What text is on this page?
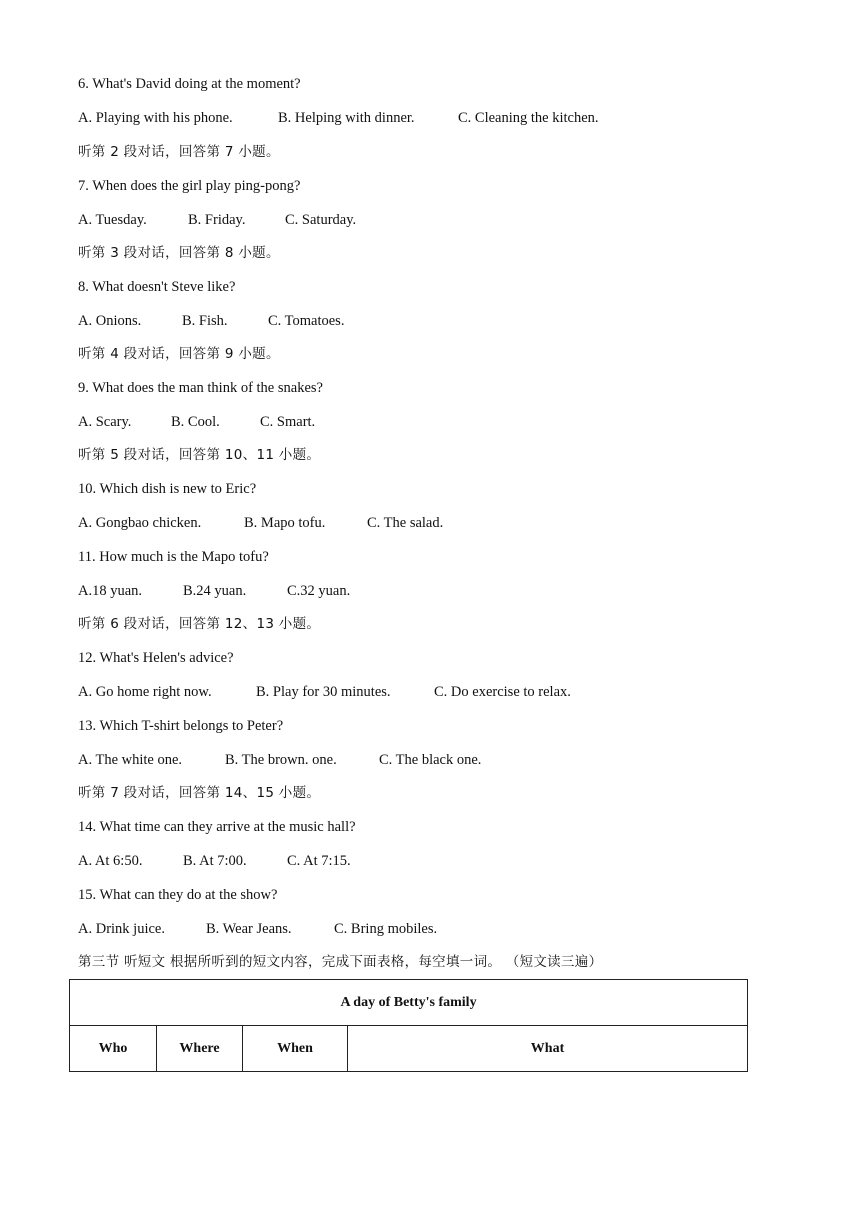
6. What's David doing at the moment?
A. Playing with his phone.	B. Helping with dinner.	C. Cleaning the kitchen.
听第 2 段对话，回答第 7 小题。
7. When does the girl play ping-pong?
A. Tuesday.	B. Friday.	C. Saturday.
听第 3 段对话，回答第 8 小题。
8. What doesn't Steve like?
A. Onions.	B. Fish.	C. Tomatoes.
听第 4 段对话，回答第 9 小题。
9. What does the man think of the snakes?
A. Scary.	B. Cool.	C. Smart.
听第 5 段对话，回答第 10、11 小题。
10. Which dish is new to Eric?
A. Gongbao chicken.	B. Mapo tofu.	C. The salad.
11. How much is the Mapo tofu?
A.18 yuan.	B.24 yuan.	C.32 yuan.
听第 6 段对话，回答第 12、13 小题。
12. What's Helen's advice?
A. Go home right now.	B. Play for 30 minutes.	C. Do exercise to relax.
13. Which T-shirt belongs to Peter?
A. The white one.	B. The brown. one.	C. The black one.
听第 7 段对话，回答第 14、15 小题。
14. What time can they arrive at the music hall?
A. At 6:50.	B. At 7:00.	C. At 7:15.
15. What can they do at the show?
A. Drink juice.	B. Wear Jeans.	C. Bring mobiles.
第三节 听短文 根据所听到的短文内容，完成下面表格，每空填一词。 （短文读三遍）
A day of Betty's family
Who	Where	When	What
